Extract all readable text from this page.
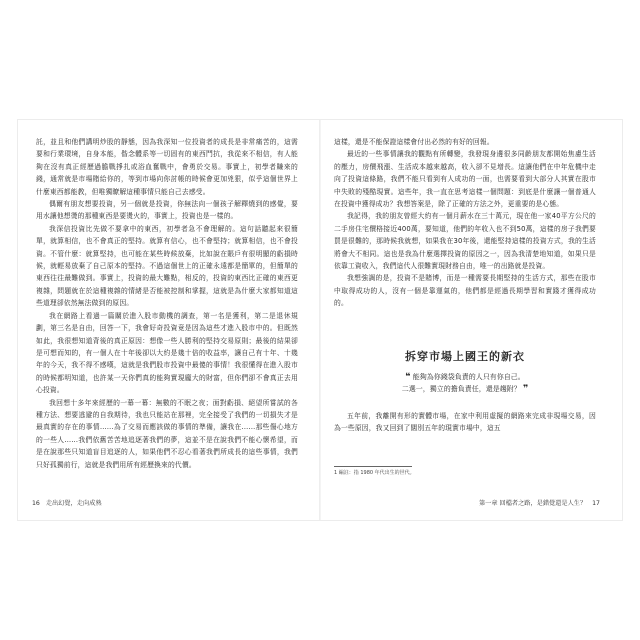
託，並且和他們講明炒股的靜態，因為我深知一位投資者的成長是非常痛苦的，這需要和行業環境，自身本能，偕念體系等一切固有的東西鬥抗，我從來不相信，有人能夠在沒有真正經歷過膽戰掙扎或浴血奮戰中，會勇於交易。事實上，初學者賺來的錢，通常就是市場賭給你的，等到市場向你討帳的時候會更加兇狠，似乎這個世界上什麼東西都能教，但唯獨瞭解這種事情只能自己去感受。

偶爾有朋友想要投資，另一個就是投資，你無法向一個孩子解釋燒到的感覺，要用水讓他想燙的那種東西是要燙火的，事實上，投資也是一樣的。

我深信投資比先做不要拿中的東西，初學者急不會理解的。這句話聽起來很簡單，就算相信，也不會真正的堅持。就算有信心，也不會堅持；就算相信，也不會投資。不管什麼：就算堅持，也可能在某些時候放棄，比如說在賬戶有很明顯的虧損時候，就輕易放棄了自己原本的堅持。不過這個世上的正確永遠都是簡單的，但簡單的東西往往最難做到。事實上，投資的最大難點，相反的，投資的東西比正確的東西更複雜，問題就在於這種複雜的情緒是否能被控制和掌握，這就是為什麼大家都知道這些道理卻依然無法做到的原因。

我在網路上看過一篇關於進入股市動機的調查，第一名是獲利，第二是退休規劃，第三名是自由，回答一下，我會好奇投資竟是因為這些才進入股市中的。但既然如此，我很想知道背後的真正原因：想像一些人勝利的堅持交易原則；最後的結果卻是可想而知的，有一個人在十年後卻以大約是幾十倍的收益率，讓自己有十年、十幾年的今天，我不得不感嘆，這就是我們股市投資中最傻的事情！我很懂得在進入股市的時候都明知道，也許某一天你們真的能夠實現龐大的財富，但你們卻不會真正去用心投資。

我回想十多年來經歷的一幕一幕：無數的不眠之夜；面對虧損、絕望所嘗試的各種方法、想要逃避的自我期待，我也只能站在那裡，完全接受了我們的一切損失才是最真實的存在的事情……為了交易而應該做的事情的準備，讓我在……那些傷心地方的一些人……我們依舊苦苦地追逐著我們的夢，這並不是在說我們不能心懷希望，而是在說那些只知道盲目追逐的人，如果他們不忍心看著我們所成長的這些事情，我們只好孤獨前行，這就是我們用所有經歷換來的代價。

16 走出幻覺，走向成熟

這樣，還是不能保證這樣會付出必然的有好的回報。

最近的一些事情讓我的觀點有所轉變，我發現身邊很多同齡朋友都開始焦慮生活的壓力，房價飛漲、生活成本越來越高，收入卻不見增長。這讓他們在中年危機中走向了投資這條路，我們不能只看到有人成功的一面，也需要看到大部分人其實在股市中失敗的殘酷現實。這些年，我一直在思考這樣一個問題：到底是什麼讓一個普通人在投資中獲得成功？我想答案是，除了正確的方法之外，更重要的是心態。

我記得，我的朋友曾經大約有一個月薪水在三十萬元，現在他一家40平方公尺的二手房住宅價格接近400萬，要知道，他們的年收入也不到50萬，這樣的房子我們要買是很難的，那時候我就想，如果我在30年後，還能堅持這樣的投資方式，我的生活將會大不相同。這也是我為什麼選擇投資的原因之一，因為我清楚地知道，如果只是依靠工資收入，我們這代人很難實現財務自由，唯一的出路就是投資。

我想強調的是，投資不是賭博，而是一種需要長期堅持的生活方式，那些在股市中取得成功的人，沒有一個是靠運氣的，他們都是經過長期學習和實踐才獲得成功的。

拆穿市場上國王的新衣
❝ 能夠為你錢袋負責的人只有你自己。
二選一，獨立的擔負責任，還是趨附？ ❞

五年前，我離開有形的實體市場，在家中利用虛擬的網路來完成非現場交易，因為一些原因，我又回到了闊別五年的現實市場中，這五

1 編註：指 1980 年代出生的世代。
第一章 回檔者之路，是錯覺還是人生？ 17
